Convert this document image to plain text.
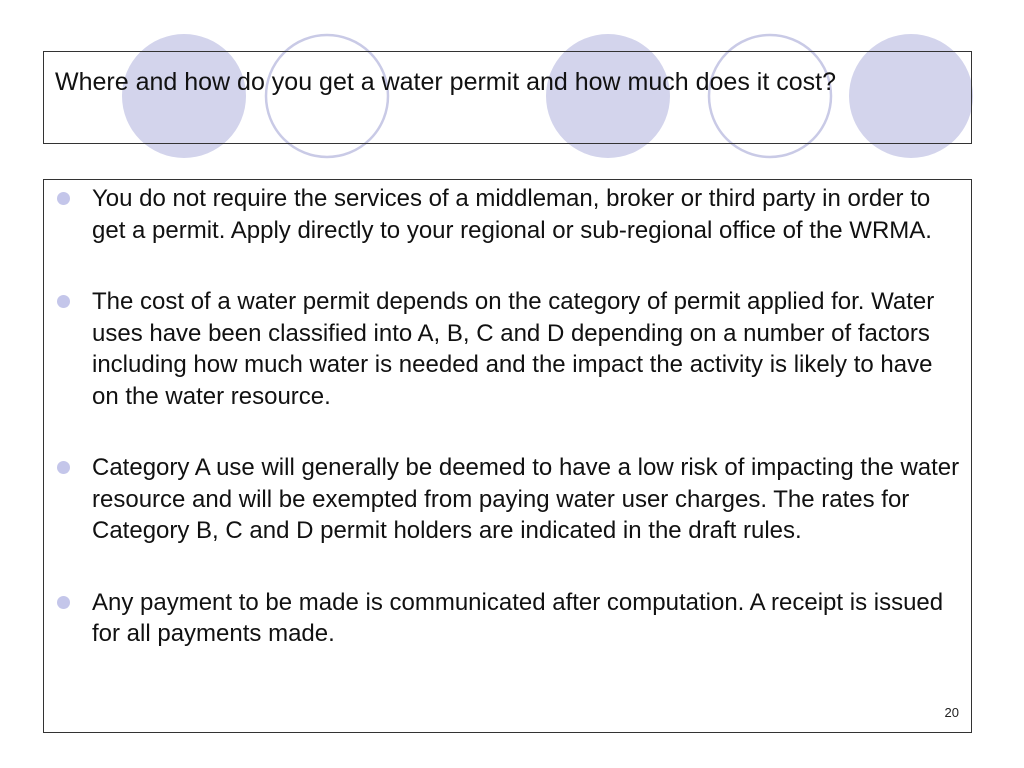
Where and how do you get a water permit and how much does it cost?
You do not require the services of a middleman, broker or third party in order to get a permit. Apply directly to your regional or sub-regional office of the WRMA.
The cost of a water permit depends on the category of permit applied for. Water uses have been classified into A, B, C and D depending on a number of factors including how much water is needed and the impact the activity is likely to have on the water resource.
Category A use will generally be deemed to have a low risk of impacting the water resource and will be exempted from paying water user charges. The rates for Category B, C and D permit holders are indicated in the draft rules.
Any payment to be made is communicated after computation. A receipt is issued for all payments made.
20
